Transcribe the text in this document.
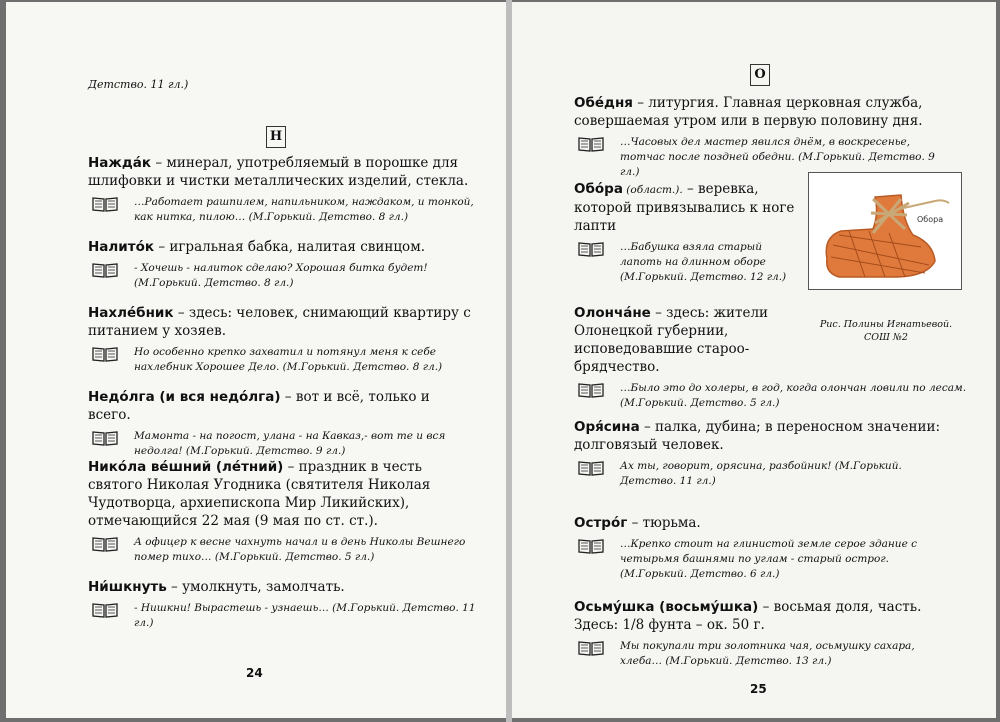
Детство. 11 гл.)
Н
Нажда́к – минерал, употребляемый в порошке для шлифовки и чистки металлических изделий, стекла.
…Работает рашпилем, напильником, наждаком, и тонкой, как нитка, пилою… (М.Горький. Детство. 8 гл.)
Налито́к – игральная бабка, налитая свинцом.
- Хочешь - налиток сделаю? Хорошая битка будет! (М.Горький. Детство. 8 гл.)
Нахле́бник – здесь: человек, снимающий квартиру с питанием у хозяев.
Но особенно крепко захватил и потянул меня к себе нахлебник Хорошее Дело. (М.Горький. Детство. 8 гл.)
Недо́лга (и вся недо́лга) – вот и всё, только и всего.
Мамонта - на погост, улана - на Кавказ,- вот те и вся недолга! (М.Горький. Детство. 9 гл.)
Нико́ла ве́шний (ле́тний) – праздник в честь святого Николая Угодника (святителя Николая Чудотворца, архиепископа Мир Ликийских), отмечающийся 22 мая (9 мая по ст. ст.).
А офицер к весне чахнуть начал и в день Николы Вешнего помер тихо… (М.Горький. Детство. 5 гл.)
Ни́шкнуть – умолкнуть, замолчать.
- Нишкни! Вырастешь - узнаешь… (М.Горький. Детство. 11 гл.)
24
О
Обе́дня – литургия. Главная церковная служба, совершаемая утром или в первую половину дня.
…Часовых дел мастер явился днём, в воскресенье, тотчас после поздней обедни. (М.Горький. Детство. 9 гл.)
Обо́ра (област.). – веревка, которой привязывались к ноге лапти
…Бабушка взяла старый лапоть на длинном оборе (М.Горький. Детство. 12 гл.)
Обора
Рис. Полины Игнатьевой. СОШ №2
Олонча́не – здесь: жители Олонецкой губернии, исповедовавшие старообрядчество.
…Было это до холеры, в год, когда олончан ловили по лесам. (М.Горький. Детство. 5 гл.)
Оря́сина – палка, дубина; в переносном значении: долговязый человек.
Ах ты, говорит, орясина, разбойник! (М.Горький. Детство. 11 гл.)
Остро́г – тюрьма.
…Крепко стоит на глинистой земле серое здание с четырьмя башнями по углам - старый острог. (М.Горький. Детство. 6 гл.)
Осьму́шка (восьму́шка) – восьмая доля, часть. Здесь: 1/8 фунта – ок. 50 г.
Мы покупали три золотника чая, осьмушку сахара, хлеба… (М.Горький. Детство. 13 гл.)
25
